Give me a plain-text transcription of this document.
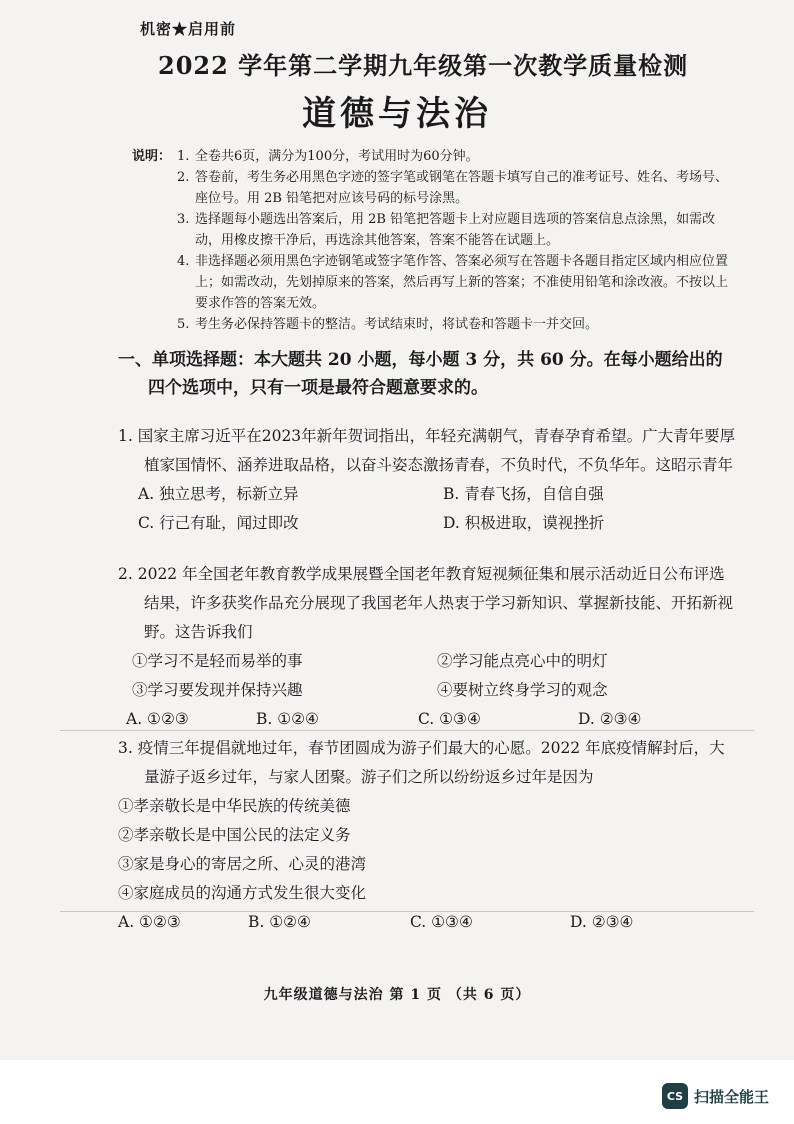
机密★启用前
2022 学年第二学期九年级第一次教学质量检测
道德与法治
说明： 1. 全卷共6页，满分为100分，考试用时为60分钟。
2. 答卷前，考生务必用黑色字迹的签字笔或钢笔在答题卡填写自己的准考证号、姓名、考场号、座位号。用 2B 铅笔把对应该号码的标号涂黑。
3. 选择题每小题选出答案后，用 2B 铅笔把答题卡上对应题目选项的答案信息点涂黑，如需改动，用橡皮擦干净后，再选涂其他答案，答案不能答在试题上。
4. 非选择题必须用黑色字迹钢笔或签字笔作答、答案必须写在答题卡各题目指定区域内相应位置上；如需改动，先划掉原来的答案，然后再写上新的答案；不准使用铅笔和涂改液。不按以上要求作答的答案无效。
5. 考生务必保持答题卡的整洁。考试结束时，将试卷和答题卡一并交回。
一、单项选择题：本大题共 20 小题，每小题 3 分，共 60 分。在每小题给出的
四个选项中，只有一项是最符合题意要求的。
1. 国家主席习近平在2023年新年贺词指出，年轻充满朝气，青春孕育希望。广大青年要厚植家国情怀、涵养进取品格，以奋斗姿态激扬青春，不负时代，不负华年。这昭示青年
A. 独立思考，标新立异	B. 青春飞扬，自信自强
C. 行己有耻，闻过即改	D. 积极进取，谟视挫折
2. 2022 年全国老年教育教学成果展暨全国老年教育短视频征集和展示活动近日公布评选结果，许多获奖作品充分展现了我国老年人热衷于学习新知识、掌握新技能、开拓新视野。这告诉我们
①学习不是轻而易举的事	②学习能点亮心中的明灯
③学习要发现并保持兴趣	④要树立终身学习的观念
A. ①②③	B. ①②④	C. ①③④	D. ②③④
3. 疫情三年提倡就地过年，春节团圆成为游子们最大的心愿。2022 年底疫情解封后，大量游子返乡过年，与家人团聚。游子们之所以纷纷返乡过年是因为
①孝亲敬长是中华民族的传统美德
②孝亲敬长是中国公民的法定义务
③家是身心的寄居之所、心灵的港湾
④家庭成员的沟通方式发生很大变化
A. ①②③	B. ①②④	C. ①③④	D. ②③④
九年级道德与法治 第 1 页 （共 6 页）
CS 扫描全能王
